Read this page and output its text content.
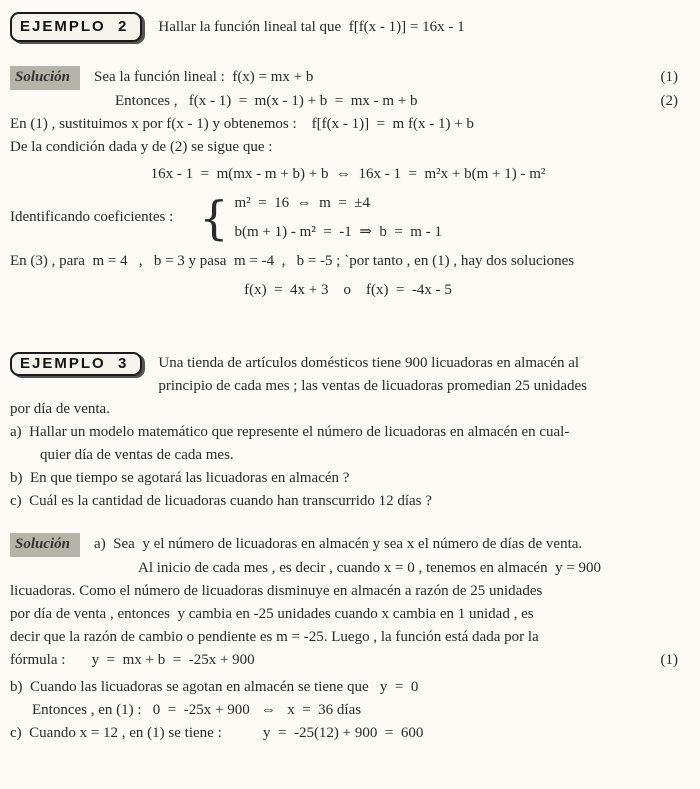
EJEMPLO  2	Hallar la función lineal tal que  f[f(x - 1)] = 16x - 1
Solución	Sea la función lineal :  f(x) = mx + b	(1)
Entonces ,   f(x - 1)  =  m(x - 1) + b  =  mx - m + b	(2)
En (1) , sustituimos x por f(x - 1) y obtenemos :    f[f(x - 1)]  =  m f(x - 1) + b
De la condición dada y de (2) se sigue que :
16x - 1  =  m(mx - m + b) + b  ⇔  16x - 1  =  m²x + b(m + 1) - m²
Identificando coeficientes : { m²  =  16  ⇔  m  =  ±4
b(m + 1) - m²  =  -1  ⇒  b  =  m - 1
En (3) , para  m = 4   ,   b = 3 y pasa  m = -4  ,   b = -5 ; `por tanto , en (1) , hay dos soluciones
f(x)  =  4x + 3    o    f(x)  =  -4x - 5
EJEMPLO  3	Una tienda de artículos domésticos tiene 900 licuadoras en almacén al
principio de cada mes ; las ventas de licuadoras promedian 25 unidades
por día de venta.
a)  Hallar un modelo matemático que represente el número de licuadoras en almacén en cual-
quier día de ventas de cada mes.
b)  En que tiempo se agotará las licuadoras en almacén ?
c)  Cuál es la cantidad de licuadoras cuando han transcurrido 12 días ?
Solución	a)  Sea  y el número de licuadoras en almacén y sea x el número de días de venta.
Al inicio de cada mes , es decir , cuando x = 0 , tenemos en almacén  y = 900
licuadoras. Como el número de licuadoras disminuye en almacén a razón de 25 unidades
por día de venta , entonces  y cambia en -25 unidades cuando x cambia en 1 unidad , es
decir que la razón de cambio o pendiente es m = -25. Luego , la función está dada por la
fórmula :       y  =  mx + b  =  -25x + 900	(1)
b)  Cuando las licuadoras se agotan en almacén se tiene que   y  =  0
Entonces , en (1) :   0  =  -25x + 900   ⇔   x  =  36 días
c)  Cuando x = 12 , en (1) se tiene :           y  =  -25(12) + 900  =  600
